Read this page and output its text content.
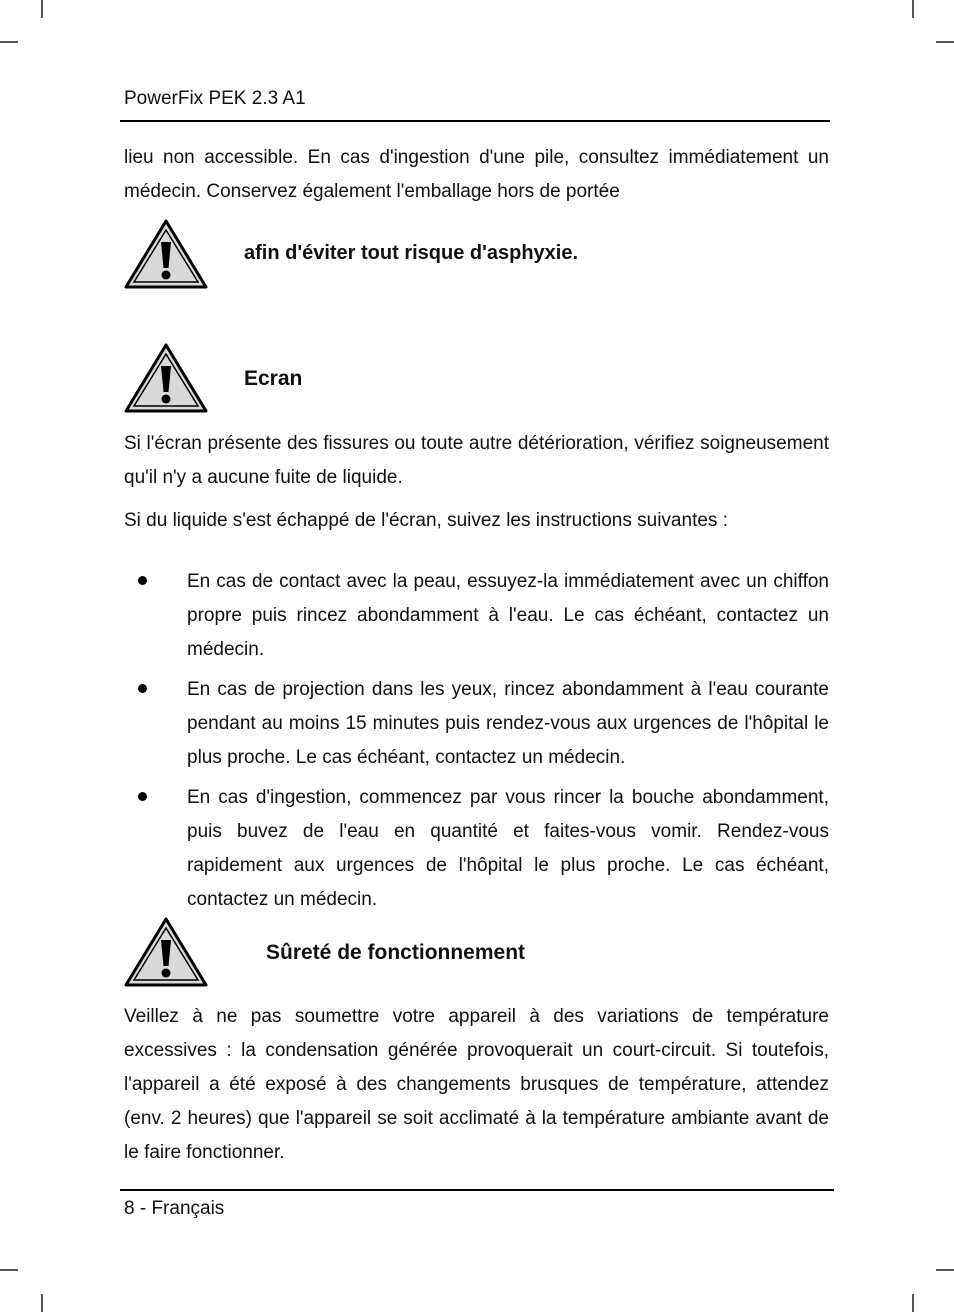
PowerFix PEK 2.3 A1
lieu non accessible. En cas d'ingestion d'une pile, consultez immédiatement un médecin. Conservez également l'emballage hors de portée
afin d'éviter tout risque d'asphyxie.
Ecran
Si l'écran présente des fissures ou toute autre détérioration, vérifiez soigneusement qu'il n'y a aucune fuite de liquide.
Si du liquide s'est échappé de l'écran, suivez les instructions suivantes :
En cas de contact avec la peau, essuyez-la immédiatement avec un chiffon propre puis rincez abondamment à l'eau. Le cas échéant, contactez un médecin.
En cas de projection dans les yeux, rincez abondamment à l'eau courante pendant au moins 15 minutes puis rendez-vous aux urgences de l'hôpital le plus proche. Le cas échéant, contactez un médecin.
En cas d'ingestion, commencez par vous rincer la bouche abondamment, puis buvez de l'eau en quantité et faites-vous vomir. Rendez-vous rapidement aux urgences de l'hôpital le plus proche. Le cas échéant, contactez un médecin.
Sûreté de fonctionnement
Veillez à ne pas soumettre votre appareil à des variations de température excessives : la condensation générée provoquerait un court-circuit. Si toutefois, l'appareil a été exposé à des changements brusques de température, attendez (env. 2 heures) que l'appareil se soit acclimaté à la température ambiante avant de le faire fonctionner.
8 - Français
